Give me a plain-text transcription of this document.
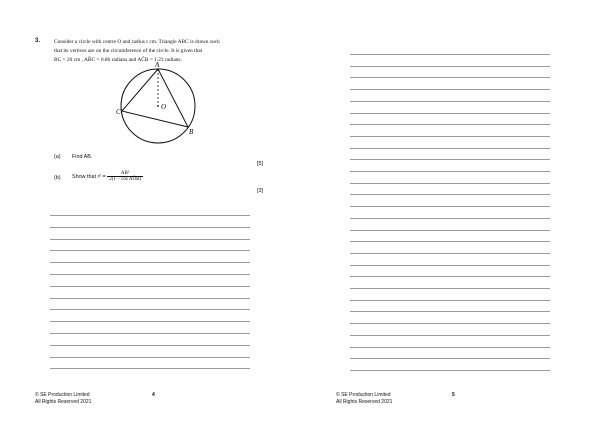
3.	Consider a circle with centre O and radius r cm. Triangle ABC is drawn such
that its vertices are on the circumference of the circle. It is given that
BC = 20 cm , AB̂C = 0.86 radians and AĈB = 1.23 radians.
A
C
B
O
(a) Find AB.
[5]
(b) Show that $r^2 = \frac{\text{AB²}}{\text{2(1 − cos AÔB)}}$
[3]
© SE Production Limited
All Rights Reserved 2021
4	© SE Production Limited
All Rights Reserved 2021
5
